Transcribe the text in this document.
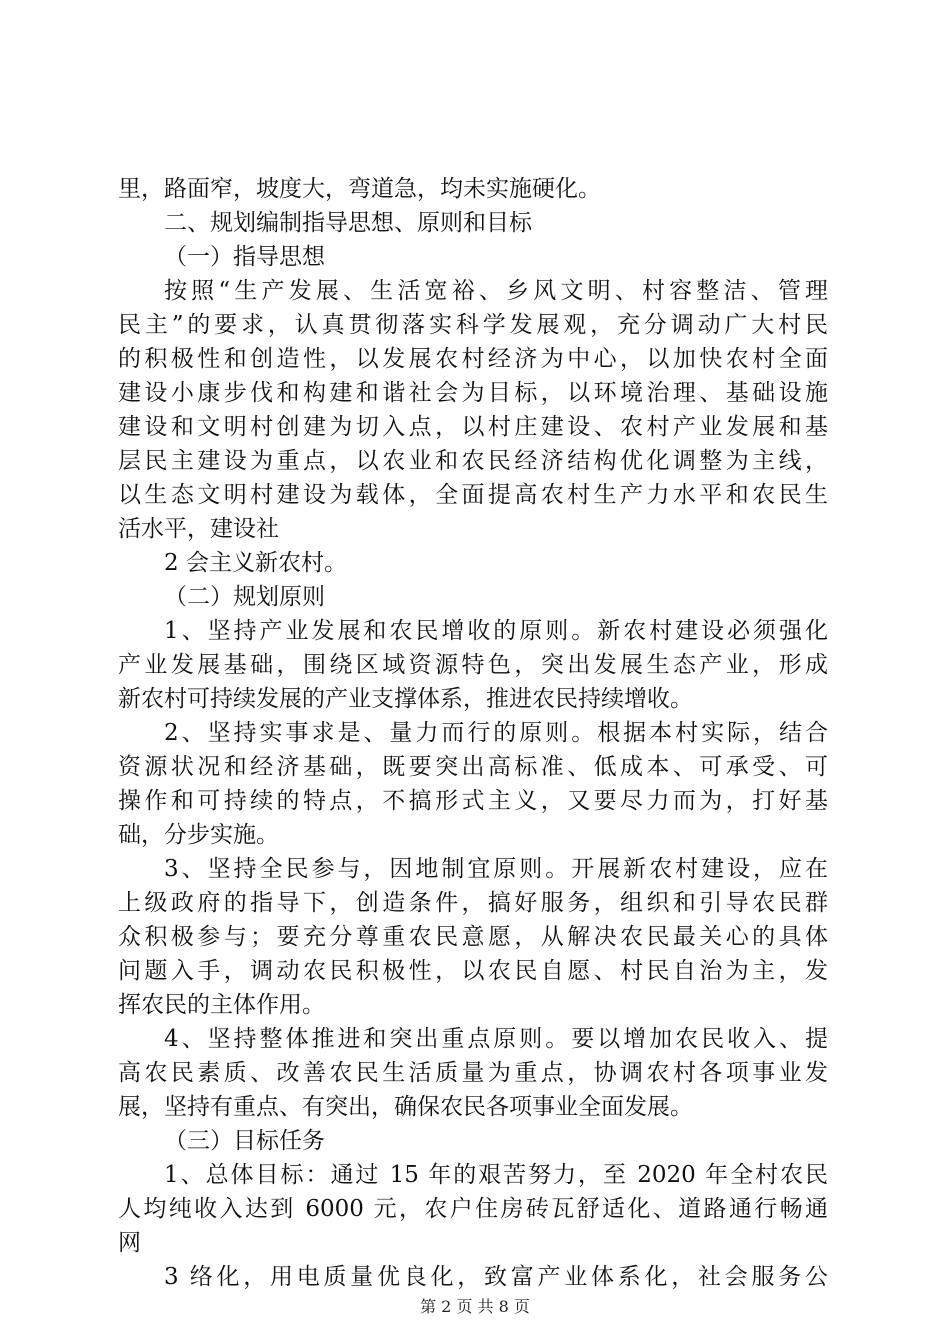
里，路面窄，坡度大，弯道急，均未实施硬化。
二、规划编制指导思想、原则和目标
（一）指导思想
按照“生产发展、生活宽裕、乡风文明、村容整洁、管理
民主”的要求，认真贯彻落实科学发展观，充分调动广大村民
的积极性和创造性，以发展农村经济为中心，以加快农村全面
建设小康步伐和构建和谐社会为目标，以环境治理、基础设施
建设和文明村创建为切入点，以村庄建设、农村产业发展和基
层民主建设为重点，以农业和农民经济结构优化调整为主线，
以生态文明村建设为载体，全面提高农村生产力水平和农民生
活水平，建设社
2 会主义新农村。
（二）规划原则
1、坚持产业发展和农民增收的原则。新农村建设必须强化
产业发展基础，围绕区域资源特色，突出发展生态产业，形成
新农村可持续发展的产业支撑体系，推进农民持续增收。
2、坚持实事求是、量力而行的原则。根据本村实际，结合
资源状况和经济基础，既要突出高标准、低成本、可承受、可
操作和可持续的特点，不搞形式主义，又要尽力而为，打好基
础，分步实施。
3、坚持全民参与，因地制宜原则。开展新农村建设，应在
上级政府的指导下，创造条件，搞好服务，组织和引导农民群
众积极参与；要充分尊重农民意愿，从解决农民最关心的具体
问题入手，调动农民积极性，以农民自愿、村民自治为主，发
挥农民的主体作用。
4、坚持整体推进和突出重点原则。要以增加农民收入、提
高农民素质、改善农民生活质量为重点，协调农村各项事业发
展，坚持有重点、有突出，确保农民各项事业全面发展。
（三）目标任务
1、总体目标：通过 15 年的艰苦努力，至 2020 年全村农民
人均纯收入达到 6000 元，农户住房砖瓦舒适化、道路通行畅通
网
3 络化，用电质量优良化，致富产业体系化，社会服务公
第 2 页 共 8 页
